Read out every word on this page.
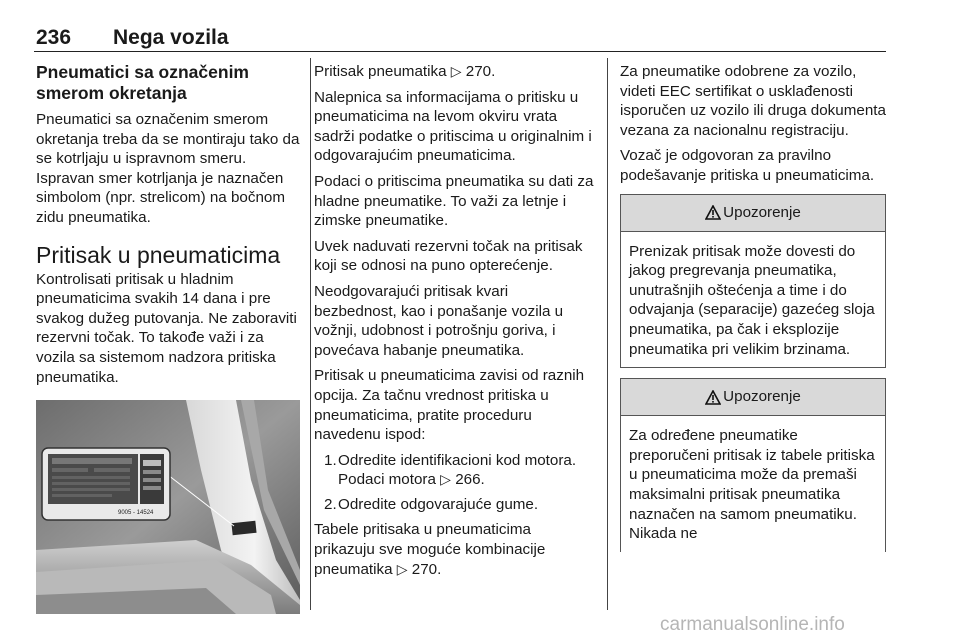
236 Nega vozila
Pneumatici sa označenim smerom okretanja

Pneumatici sa označenim smerom okretanja treba da se montiraju tako da se kotrljaju u ispravnom smeru. Ispravan smer kotrljanja je naznačen simbolom (npr. strelicom) na bočnom zidu pneumatika.

Pritisak u pneumaticima

Kontrolisati pritisak u hladnim pneumaticima svakih 14 dana i pre svakog dužeg putovanja. Ne zaboraviti rezervni točak. To takođe važi i za vozila sa sistemom nadzora pritiska pneumatika.

9005 - 14524

Pritisak pneumatika ▷ 270.

Nalepnica sa informacijama o pritisku u pneumaticima na levom okviru vrata sadrži podatke o pritiscima u originalnim i odgovarajućim pneumaticima.

Podaci o pritiscima pneumatika su dati za hladne pneumatike. To važi za letnje i zimske pneumatike.

Uvek naduvati rezervni točak na pritisak koji se odnosi na puno opterećenje.

Neodgovarajući pritisak kvari bezbednost, kao i ponašanje vozila u vožnji, udobnost i potrošnju goriva, i povećava habanje pneumatika.

Pritisak u pneumaticima zavisi od raznih opcija. Za tačnu vrednost pritiska u pneumaticima, pratite proceduru navedenu ispod:

1. Odredite identifikacioni kod motora. Podaci motora ▷ 266.
2. Odredite odgovarajuće gume.

Tabele pritisaka u pneumaticima prikazuju sve moguće kombinacije pneumatika ▷ 270.

Za pneumatike odobrene za vozilo, videti EEC sertifikat o usklađenosti isporučen uz vozilo ili druga dokumenta vezana za nacionalnu registraciju.

Vozač je odgovoran za pravilno podešavanje pritiska u pneumaticima.

Upozorenje
Prenizak pritisak može dovesti do jakog pregrevanja pneumatika, unutrašnjih oštećenja a time i do odvajanja (separacije) gazećeg sloja pneumatika, pa čak i eksplozije pneumatika pri velikim brzinama.
Upozorenje
Za određene pneumatike preporučeni pritisak iz tabele pritiska u pneumaticima može da premaši maksimalni pritisak pneumatika naznačen na samom pneumatiku. Nikada ne
carmanualsonline.info
